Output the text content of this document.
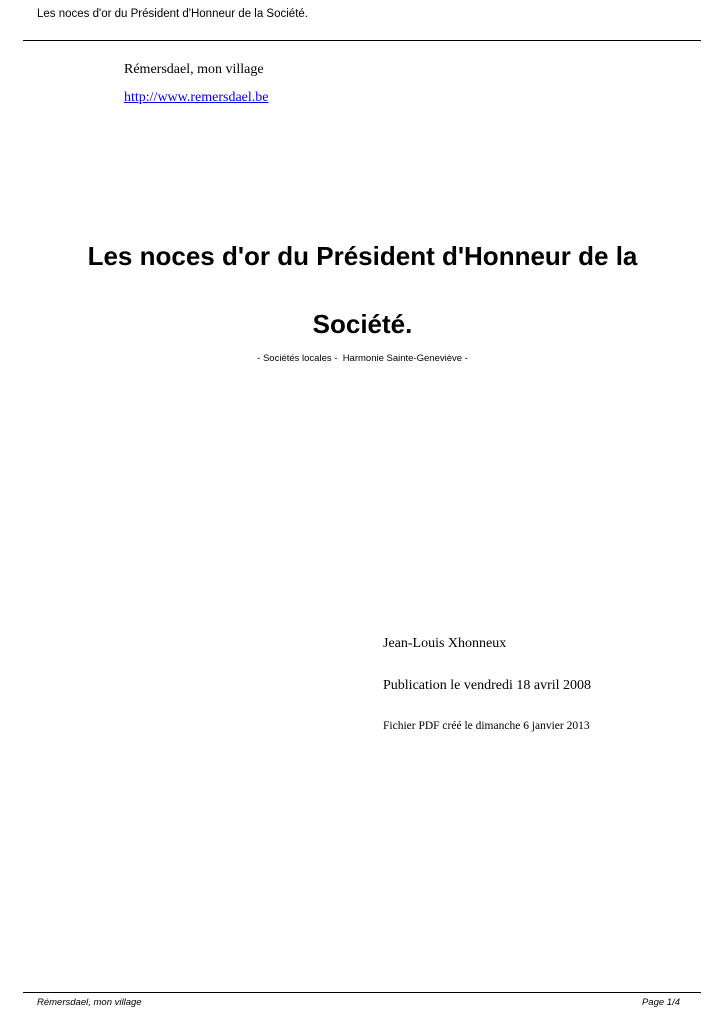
Les noces d'or du Président d'Honneur de la Société.
Rémersdael, mon village
http://www.remersdael.be
Les noces d'or du Président d'Honneur de la Société.
- Sociétés locales -  Harmonie Sainte-Geneviève -
Jean-Louis Xhonneux
Publication le vendredi 18 avril 2008
Fichier PDF créé le dimanche 6 janvier 2013
Rémersdael, mon village	Page 1/4
